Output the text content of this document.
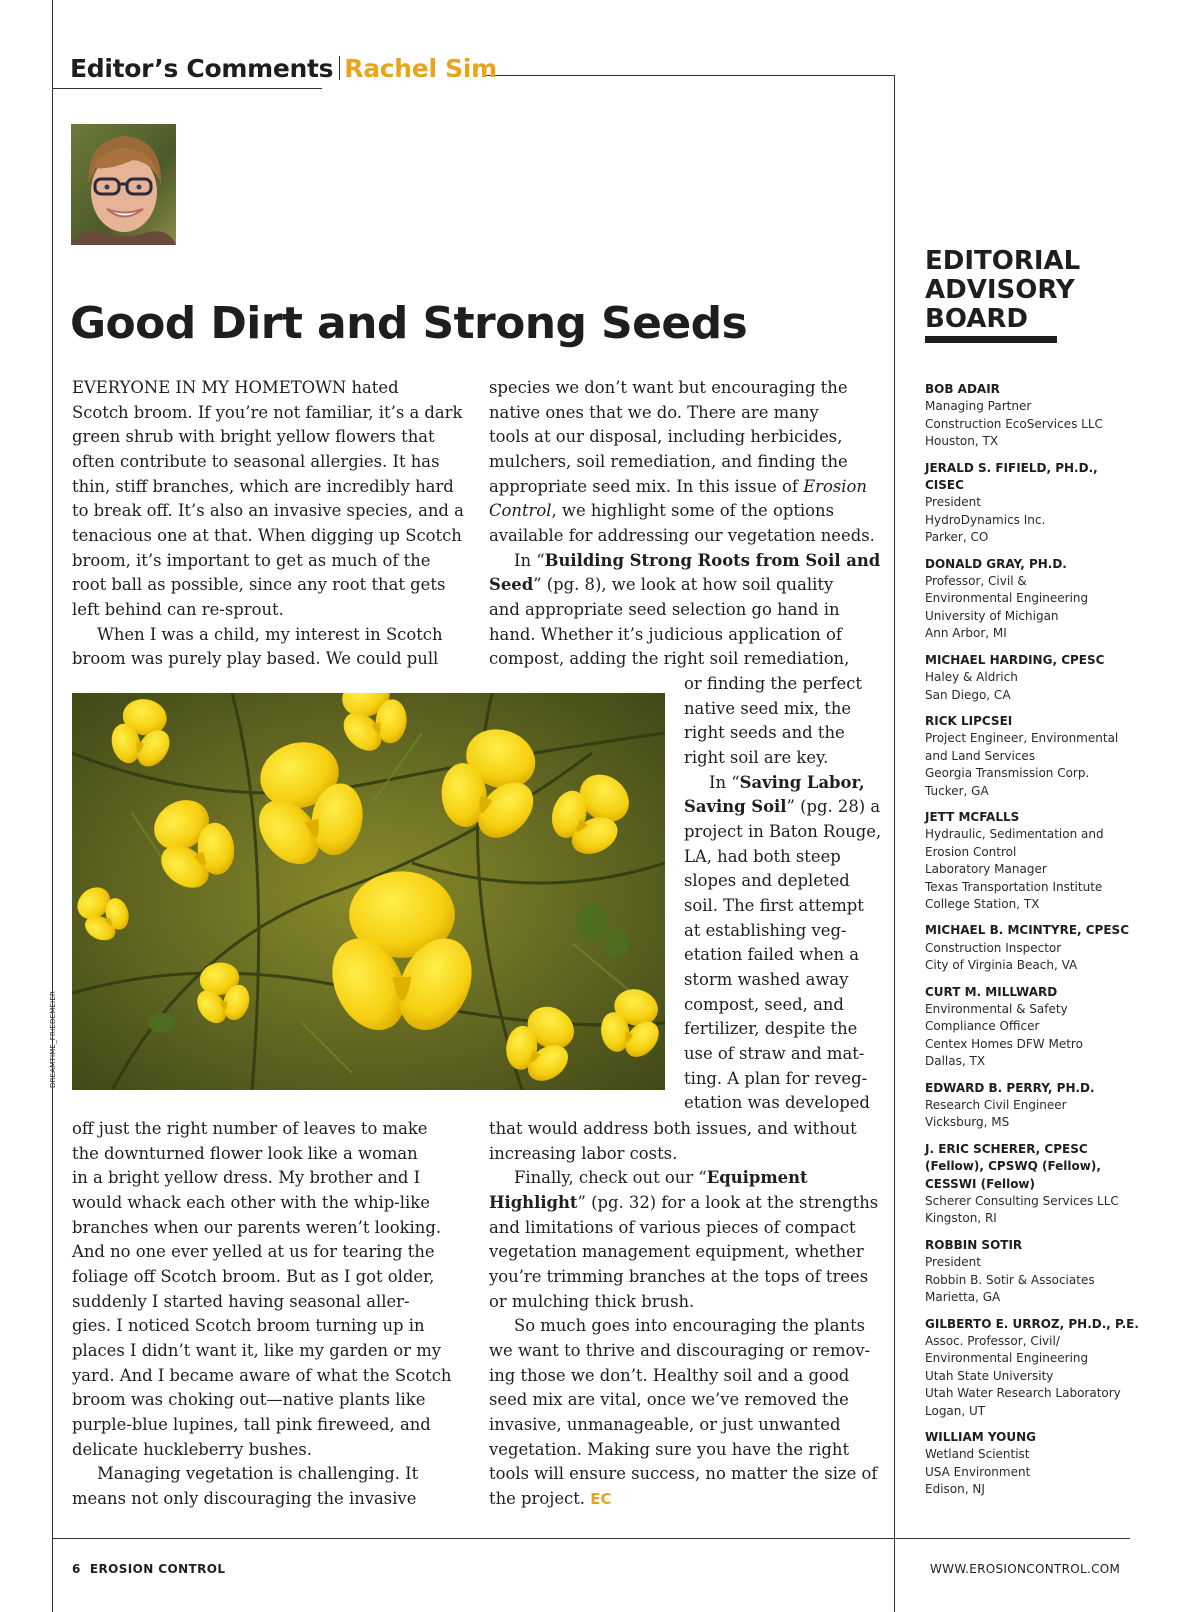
Editor’s Comments Rachel Sim
Good Dirt and Strong Seeds

EVERYONE IN MY HOMETOWN hated

Scotch broom. If you’re not familiar, it’s a dark

green shrub with bright yellow flowers that

often contribute to seasonal allergies. It has

thin, stiff branches, which are incredibly hard

to break off. It’s also an invasive species, and a

tenacious one at that. When digging up Scotch

broom, it’s important to get as much of the

root ball as possible, since any root that gets

left behind can re-sprout.

When I was a child, my interest in Scotch

broom was purely play based. We could pull

species we don’t want but encouraging the

native ones that we do. There are many

tools at our disposal, including herbicides,

mulchers, soil remediation, and finding the

appropriate seed mix. In this issue of Erosion

Control, we highlight some of the options

available for addressing our vegetation needs.

In “Building Strong Roots from Soil and

Seed” (pg. 8), we look at how soil quality

and appropriate seed selection go hand in

hand. Whether it’s judicious application of

compost, adding the right soil remediation,

DREAMTIME_FRIEDEMEIER

or finding the perfect

native seed mix, the

right seeds and the

right soil are key.

In “Saving Labor,

Saving Soil” (pg. 28) a

project in Baton Rouge,

LA, had both steep

slopes and depleted

soil. The first attempt

at establishing veg-

etation failed when a

storm washed away

compost, seed, and

fertilizer, despite the

use of straw and mat-

ting. A plan for reveg-

etation was developed

off just the right number of leaves to make

the downturned flower look like a woman

in a bright yellow dress. My brother and I

would whack each other with the whip-like

branches when our parents weren’t looking.

And no one ever yelled at us for tearing the

foliage off Scotch broom. But as I got older,

suddenly I started having seasonal aller-

gies. I noticed Scotch broom turning up in

places I didn’t want it, like my garden or my

yard. And I became aware of what the Scotch

broom was choking out—native plants like

purple-blue lupines, tall pink fireweed, and

delicate huckleberry bushes.

Managing vegetation is challenging. It

means not only discouraging the invasive

that would address both issues, and without

increasing labor costs.

Finally, check out our “Equipment

Highlight” (pg. 32) for a look at the strengths

and limitations of various pieces of compact

vegetation management equipment, whether

you’re trimming branches at the tops of trees

or mulching thick brush.

So much goes into encouraging the plants

we want to thrive and discouraging or remov-

ing those we don’t. Healthy soil and a good

seed mix are vital, once we’ve removed the

invasive, unmanageable, or just unwanted

vegetation. Making sure you have the right

tools will ensure success, no matter the size of

the project. EC

EDITORIAL
ADVISORY
BOARD
BOB ADAIR
Managing Partner
Construction EcoServices LLC
Houston, TX
JERALD S. FIFIELD, PH.D.,
CISEC
President
HydroDynamics Inc.
Parker, CO
DONALD GRAY, PH.D.
Professor, Civil &
Environmental Engineering
University of Michigan
Ann Arbor, MI
MICHAEL HARDING, CPESC
Haley & Aldrich
San Diego, CA
RICK LIPCSEI
Project Engineer, Environmental
and Land Services
Georgia Transmission Corp.
Tucker, GA
JETT MCFALLS
Hydraulic, Sedimentation and
Erosion Control
Laboratory Manager
Texas Transportation Institute
College Station, TX
MICHAEL B. MCINTYRE, CPESC
Construction Inspector
City of Virginia Beach, VA
CURT M. MILLWARD
Environmental & Safety
Compliance Officer
Centex Homes DFW Metro
Dallas, TX
EDWARD B. PERRY, PH.D.
Research Civil Engineer
Vicksburg, MS
J. ERIC SCHERER, CPESC
(Fellow), CPSWQ (Fellow),
CESSWI (Fellow)
Scherer Consulting Services LLC
Kingston, RI
ROBBIN SOTIR
President
Robbin B. Sotir & Associates
Marietta, GA
GILBERTO E. URROZ, PH.D., P.E.
Assoc. Professor, Civil/
Environmental Engineering
Utah State University
Utah Water Research Laboratory
Logan, UT
WILLIAM YOUNG
Wetland Scientist
USA Environment
Edison, NJ
6 EROSION CONTROL	WWW.EROSIONCONTROL.COM
